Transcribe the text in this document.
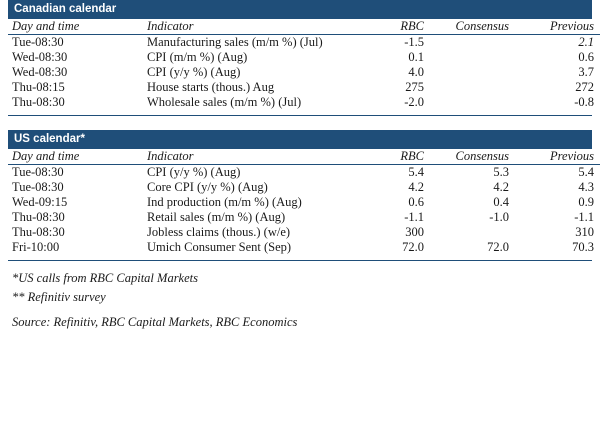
Canadian calendar
Day and time	Indicator	RBC	Consensus	Previous
Tue-08:30	Manufacturing sales (m/m %) (Jul)	-1.5		2.1
Wed-08:30	CPI (m/m %) (Aug)	0.1		0.6
Wed-08:30	CPI (y/y %) (Aug)	4.0		3.7
Thu-08:15	House starts (thous.) Aug	275		272
Thu-08:30	Wholesale sales (m/m %) (Jul)	-2.0		-0.8
US calendar*
Day and time	Indicator	RBC	Consensus	Previous
Tue-08:30	CPI (y/y %) (Aug)	5.4	5.3	5.4
Tue-08:30	Core CPI (y/y %) (Aug)	4.2	4.2	4.3
Wed-09:15	Ind production (m/m %) (Aug)	0.6	0.4	0.9
Thu-08:30	Retail sales (m/m %) (Aug)	-1.1	-1.0	-1.1
Thu-08:30	Jobless claims (thous.) (w/e)	300		310
Fri-10:00	Umich Consumer Sent (Sep)	72.0	72.0	70.3
*US calls from RBC Capital Markets
** Refinitiv survey
Source: Refinitiv, RBC Capital Markets, RBC Economics
